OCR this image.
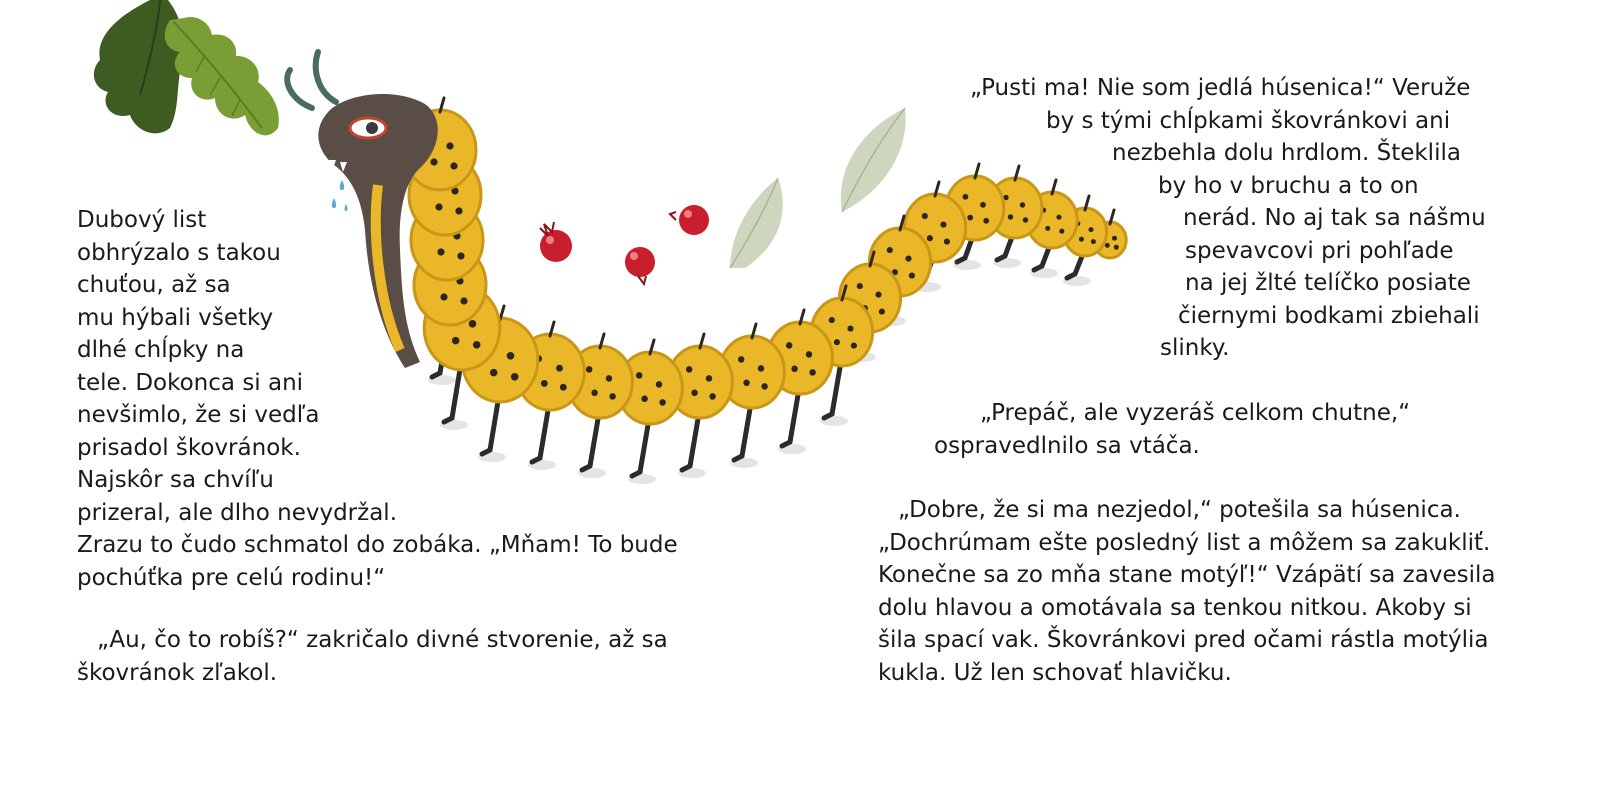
Dubový list
obhrýzalo s takou
chuťou, až sa
mu hýbali všetky
dlhé chĺpky na
tele. Dokonca si ani
nevšimlo, že si vedľa
prisadol škovránok.
Najskôr sa chvíľu
prizeral, ale dlho nevydržal.
Zrazu to čudo schmatol do zobáka. „Mňam! To bude
pochúťka pre celú rodinu!“
„Au, čo to robíš?“ zakričalo divné stvorenie, až sa
škovránok zľakol.
„Pusti ma! Nie som jedlá húsenica!“ Veruže
by s tými chĺpkami škovránkovi ani
nezbehla dolu hrdlom. Šteklila
by ho v bruchu a to on
nerád. No aj tak sa nášmu
spevavcovi pri pohľade
na jej žlté telíčko posiate
čiernymi bodkami zbiehali
slinky.
„Prepáč, ale vyzeráš celkom chutne,“
ospravedlnilo sa vtáča.
„Dobre, že si ma nezjedol,“ potešila sa húsenica.
„Dochrúmam ešte posledný list a môžem sa zakukliť.
Konečne sa zo mňa stane motýľ!“ Vzápätí sa zavesila
dolu hlavou a omotávala sa tenkou nitkou. Akoby si
šila spací vak. Škovránkovi pred očami rástla motýlia
kukla. Už len schovať hlavičku.
